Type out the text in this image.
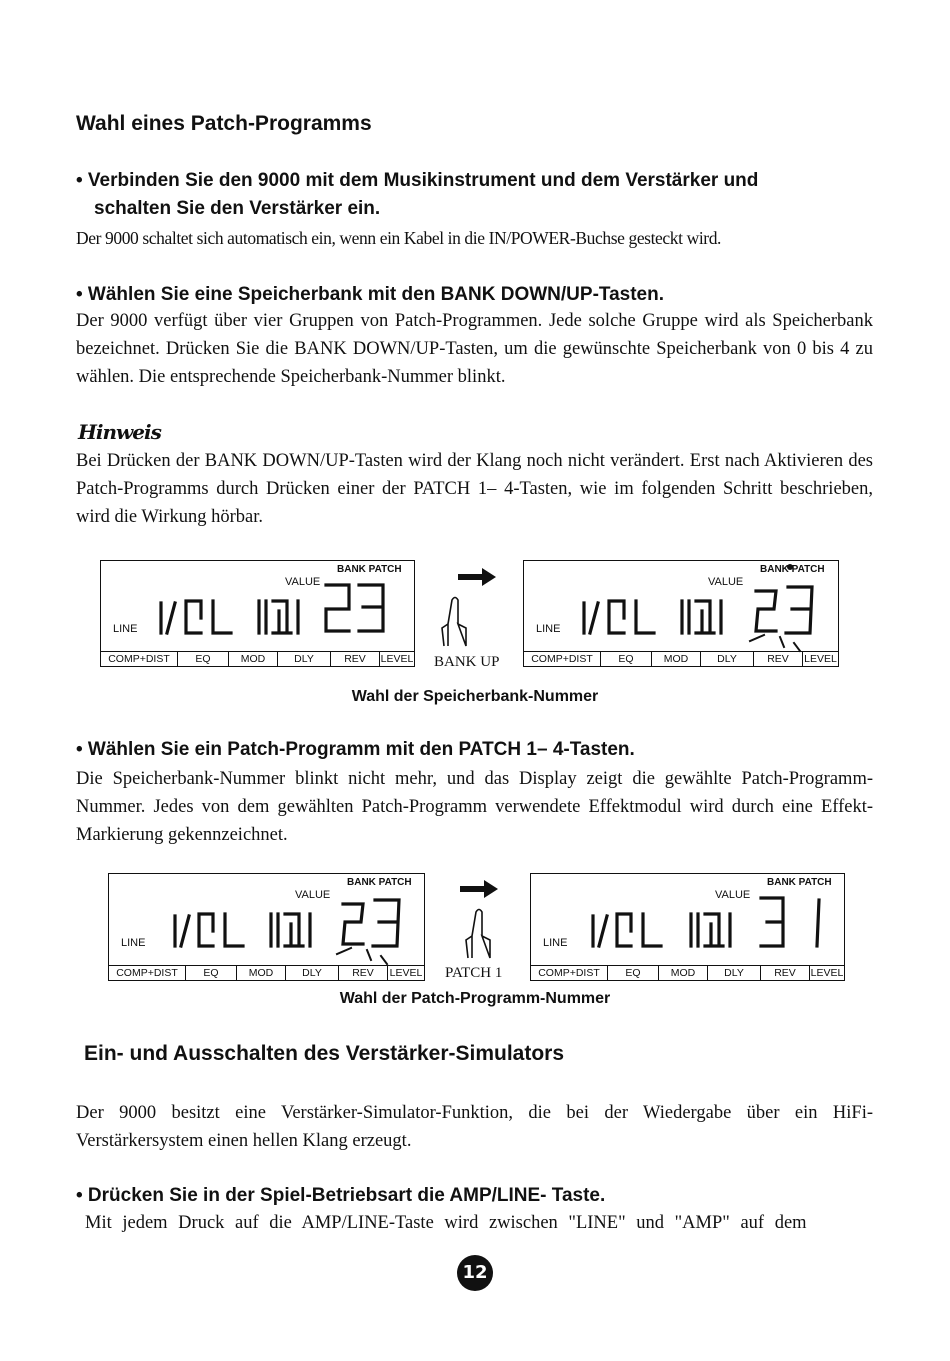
Wahl eines Patch-Programms
• Verbinden Sie den 9000 mit dem Musikinstrument und dem Verstärker und
schalten Sie den Verstärker ein.
Der 9000 schaltet sich automatisch ein, wenn ein Kabel in die IN/POWER-Buchse gesteckt wird.
• Wählen Sie eine Speicherbank mit den BANK DOWN/UP-Tasten.
Der 9000 verfügt über vier Gruppen von Patch-Programmen. Jede solche Gruppe wird als Speicherbank bezeichnet. Drücken Sie die BANK DOWN/UP-Tasten, um die gewünschte Speicherbank von 0 bis 4 zu wählen. Die entsprechende Speicherbank-Nummer blinkt.
Hinweis
Bei Drücken der BANK DOWN/UP-Tasten wird der Klang noch nicht verändert. Erst nach Aktivieren des Patch-Programms durch Drücken einer der PATCH 1– 4-Tasten, wie im folgenden Schritt beschrieben, wird die Wirkung hörbar.
BANK PATCH
VALUE
LINE
COMP+DIST	EQ	MOD	DLY	REV	LEVEL BANK UP
BANK PATCH
VALUE
LINE
COMP+DIST	EQ	MOD	DLY	REV	LEVEL
Wahl der Speicherbank-Nummer
• Wählen Sie ein Patch-Programm mit den PATCH 1– 4-Tasten.
Die Speicherbank-Nummer blinkt nicht mehr, und das Display zeigt die gewählte Patch-Programm-Nummer. Jedes von dem gewählten Patch-Programm verwendete Effektmodul wird durch eine Effekt-Markierung gekennzeichnet.
BANK PATCH
VALUE
LINE
COMP+DIST	EQ	MOD	DLY	REV	LEVEL PATCH 1
BANK PATCH
VALUE
LINE
COMP+DIST	EQ	MOD	DLY	REV	LEVEL
Wahl der Patch-Programm-Nummer
Ein- und Ausschalten des Verstärker-Simulators
Der 9000 besitzt eine Verstärker-Simulator-Funktion, die bei der Wiedergabe über ein HiFi-Verstärkersystem einen hellen Klang erzeugt.
• Drücken Sie in der Spiel-Betriebsart die AMP/LINE- Taste.
Mit jedem Druck auf die AMP/LINE-Taste wird zwischen "LINE" und "AMP" auf dem
12
